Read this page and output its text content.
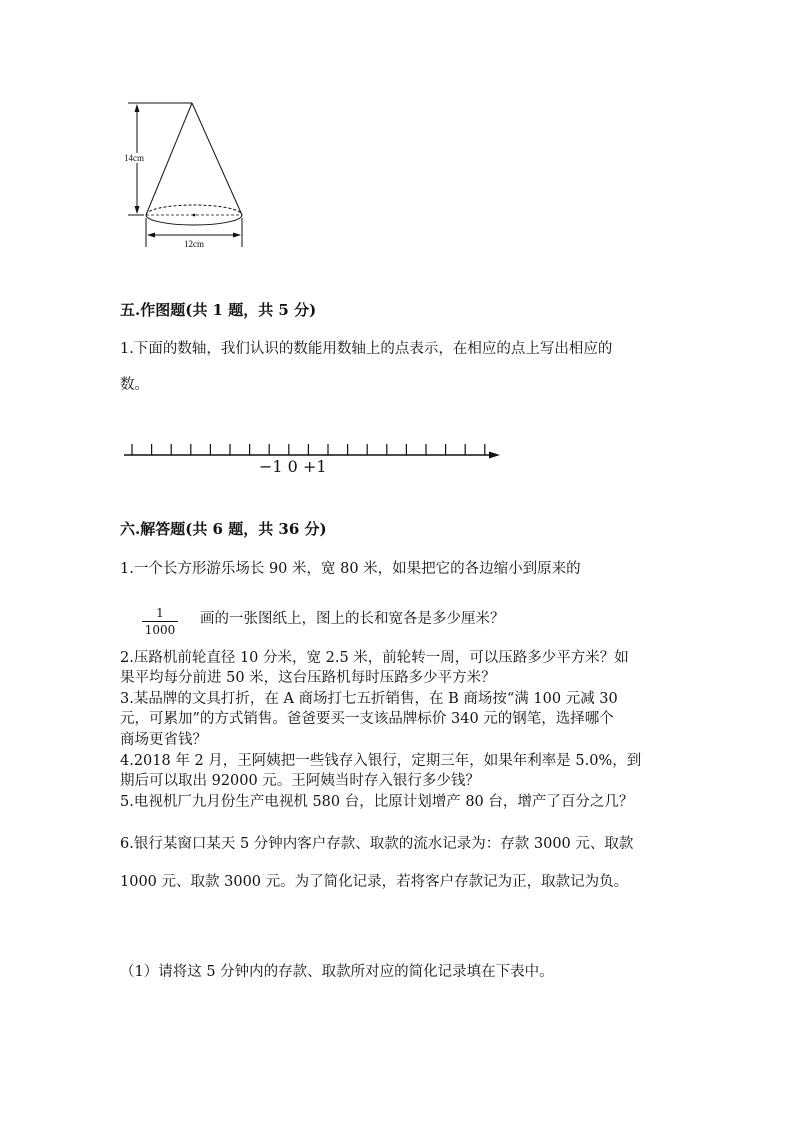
14cm
12cm
五.作图题(共 1 题，共 5 分)
1.下面的数轴，我们认识的数能用数轴上的点表示，在相应的点上写出相应的
数。
−1 0 +1
六.解答题(共 6 题，共 36 分)
1.一个长方形游乐场长 90 米，宽 80 米，如果把它的各边缩小到原来的
1
1000
画的一张图纸上，图上的长和宽各是多少厘米？
2.压路机前轮直径 10 分米，宽 2.5 米，前轮转一周，可以压路多少平方米？如
果平均每分前进 50 米，这台压路机每时压路多少平方米？
3.某品牌的文具打折，在 A 商场打七五折销售，在 B 商场按“满 100 元减 30
元，可累加”的方式销售。爸爸要买一支该品牌标价 340 元的钢笔，选择哪个
商场更省钱？
4.2018 年 2 月，王阿姨把一些钱存入银行，定期三年，如果年利率是 5.0%，到
期后可以取出 92000 元。王阿姨当时存入银行多少钱？
5.电视机厂九月份生产电视机 580 台，比原计划增产 80 台，增产了百分之几？
6.银行某窗口某天 5 分钟内客户存款、取款的流水记录为：存款 3000 元、取款
1000 元、取款 3000 元。为了简化记录，若将客户存款记为正，取款记为负。
（1）请将这 5 分钟内的存款、取款所对应的简化记录填在下表中。
